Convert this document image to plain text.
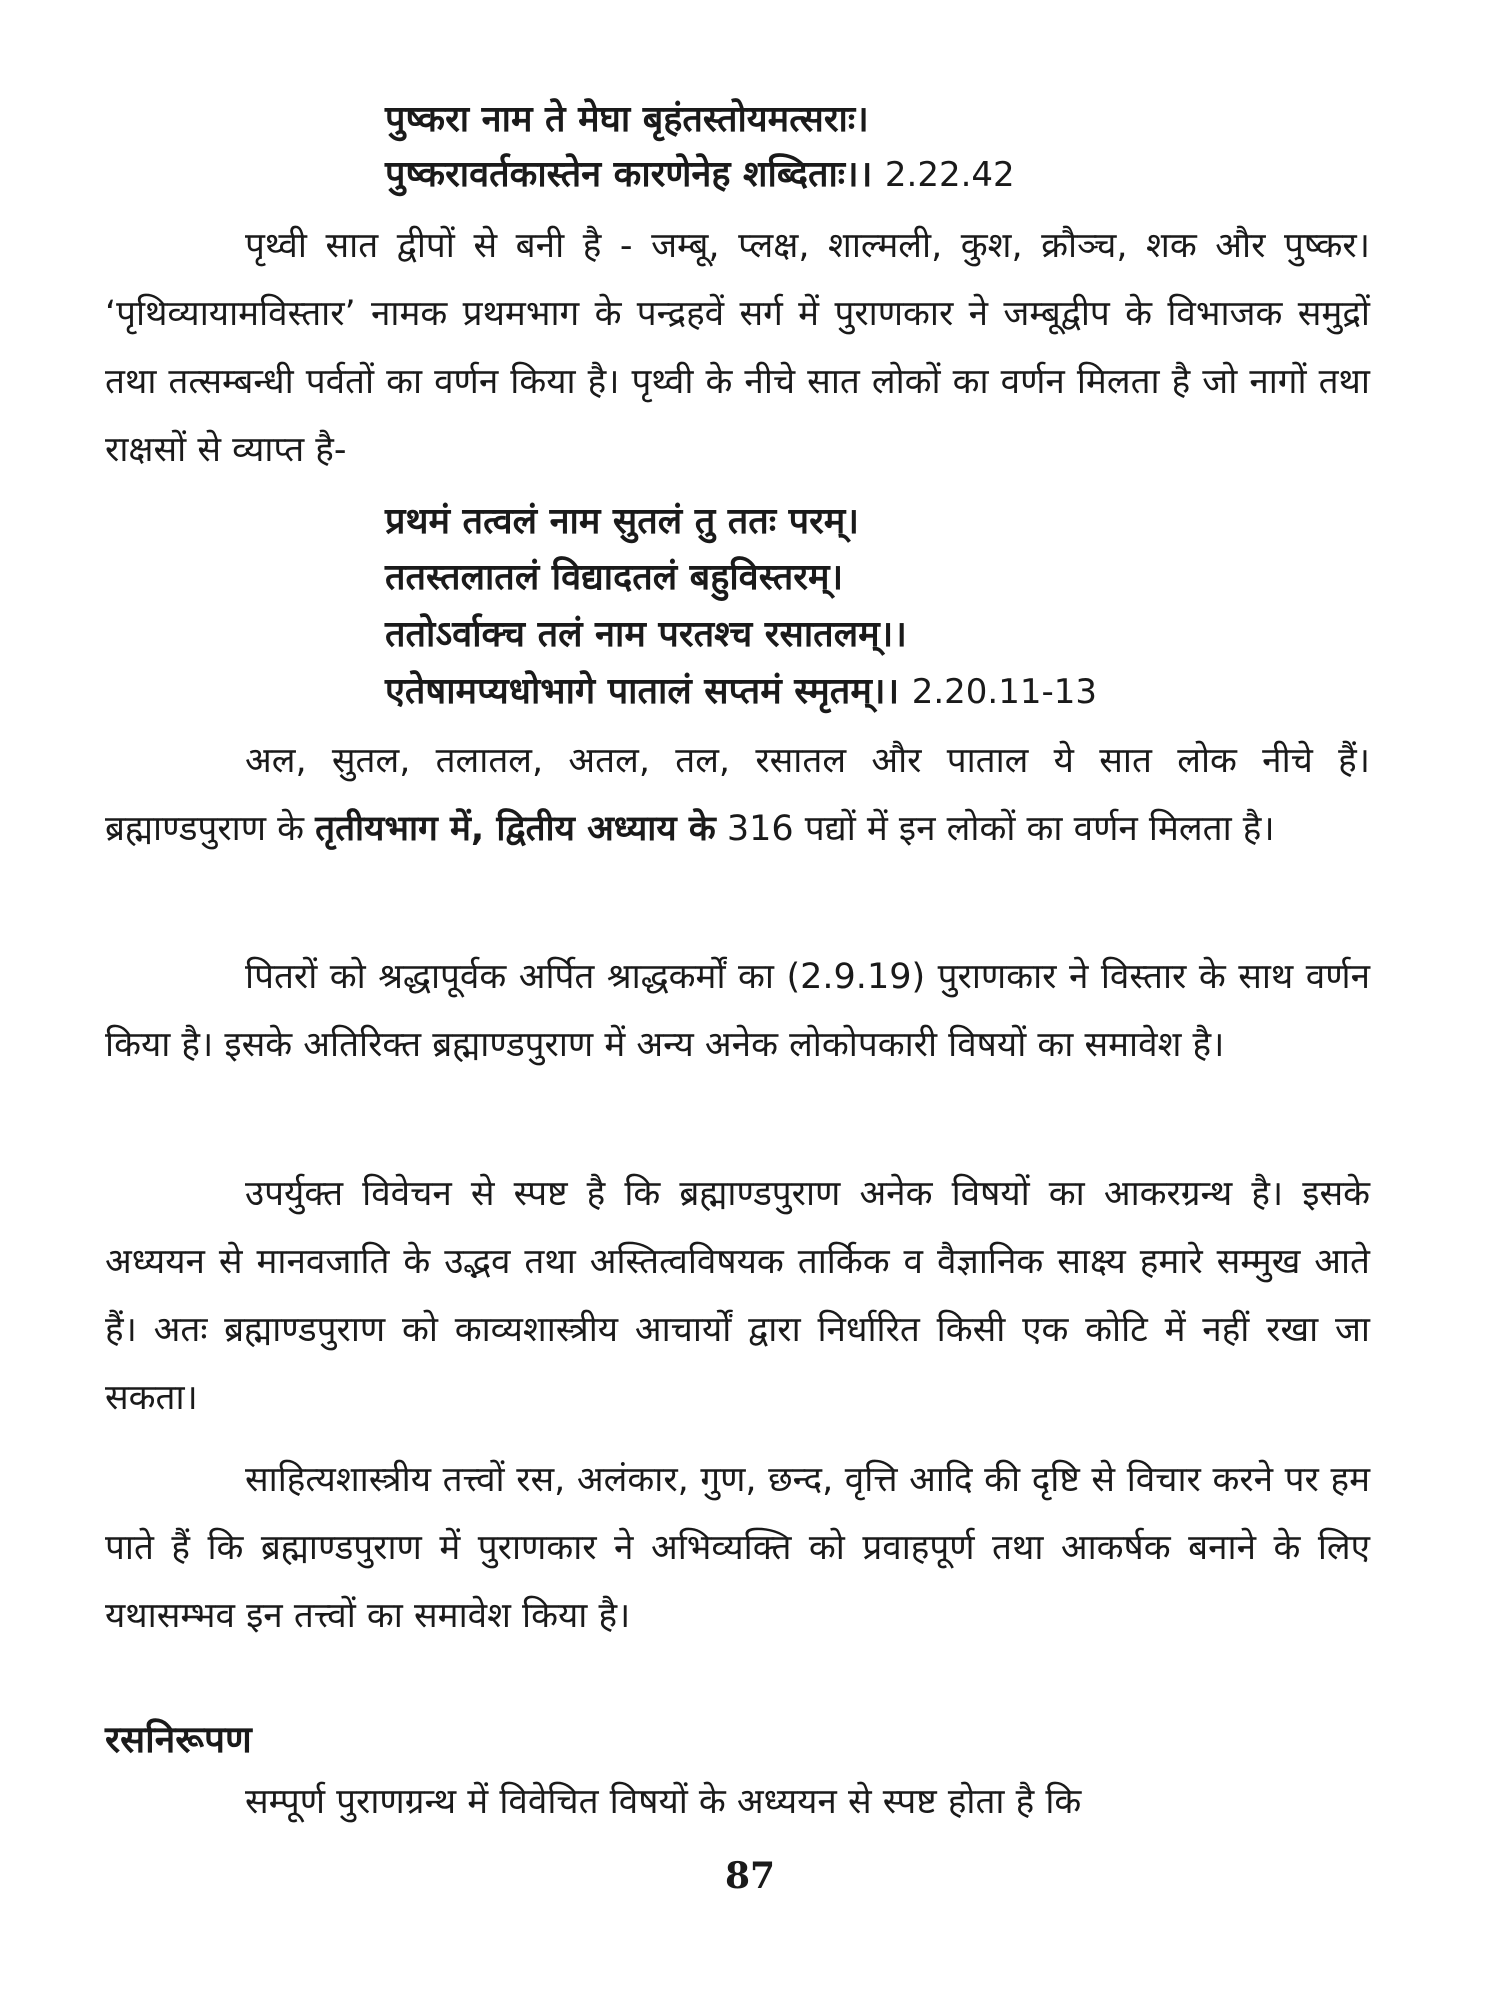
पुष्करा नाम ते मेघा बृहंतस्तोयमत्सराः।
पुष्करावर्तकास्तेन कारणेनेह शब्दिताः।। 2.22.42
पृथ्वी सात द्वीपों से बनी है - जम्बू, प्लक्ष, शाल्मली, कुश, क्रौञ्च, शक और पुष्कर। ‘पृथिव्यायामविस्तार’ नामक प्रथमभाग के पन्द्रहवें सर्ग में पुराणकार ने जम्बूद्वीप के विभाजक समुद्रों तथा तत्सम्बन्धी पर्वतों का वर्णन किया है। पृथ्वी के नीचे सात लोकों का वर्णन मिलता है जो नागों तथा राक्षसों से व्याप्त है-
प्रथमं तत्वलं नाम सुतलं तु ततः परम्।
ततस्तलातलं विद्यादतलं बहुविस्तरम्।
ततोऽर्वाक्च तलं नाम परतश्च रसातलम्।।
एतेषामप्यधोभागे पातालं सप्तमं स्मृतम्।। 2.20.11-13
अल, सुतल, तलातल, अतल, तल, रसातल और पाताल ये सात लोक नीचे हैं। ब्रह्माण्डपुराण के तृतीयभाग में, द्वितीय अध्याय के 316 पद्यों में इन लोकों का वर्णन मिलता है।
पितरों को श्रद्धापूर्वक अर्पित श्राद्धकर्मों का (2.9.19) पुराणकार ने विस्तार के साथ वर्णन किया है। इसके अतिरिक्त ब्रह्माण्डपुराण में अन्य अनेक लोकोपकारी विषयों का समावेश है।
उपर्युक्त विवेचन से स्पष्ट है कि ब्रह्माण्डपुराण अनेक विषयों का आकरग्रन्थ है। इसके अध्ययन से मानवजाति के उद्भव तथा अस्तित्वविषयक तार्किक व वैज्ञानिक साक्ष्य हमारे सम्मुख आते हैं। अतः ब्रह्माण्डपुराण को काव्यशास्त्रीय आचार्यों द्वारा निर्धारित किसी एक कोटि में नहीं रखा जा सकता।
साहित्यशास्त्रीय तत्त्वों रस, अलंकार, गुण, छन्द, वृत्ति आदि की दृष्टि से विचार करने पर हम पाते हैं कि ब्रह्माण्डपुराण में पुराणकार ने अभिव्यक्ति को प्रवाहपूर्ण तथा आकर्षक बनाने के लिए यथासम्भव इन तत्त्वों का समावेश किया है।
रसनिरूपण
सम्पूर्ण पुराणग्रन्थ में विवेचित विषयों के अध्ययन से स्पष्ट होता है कि
87
